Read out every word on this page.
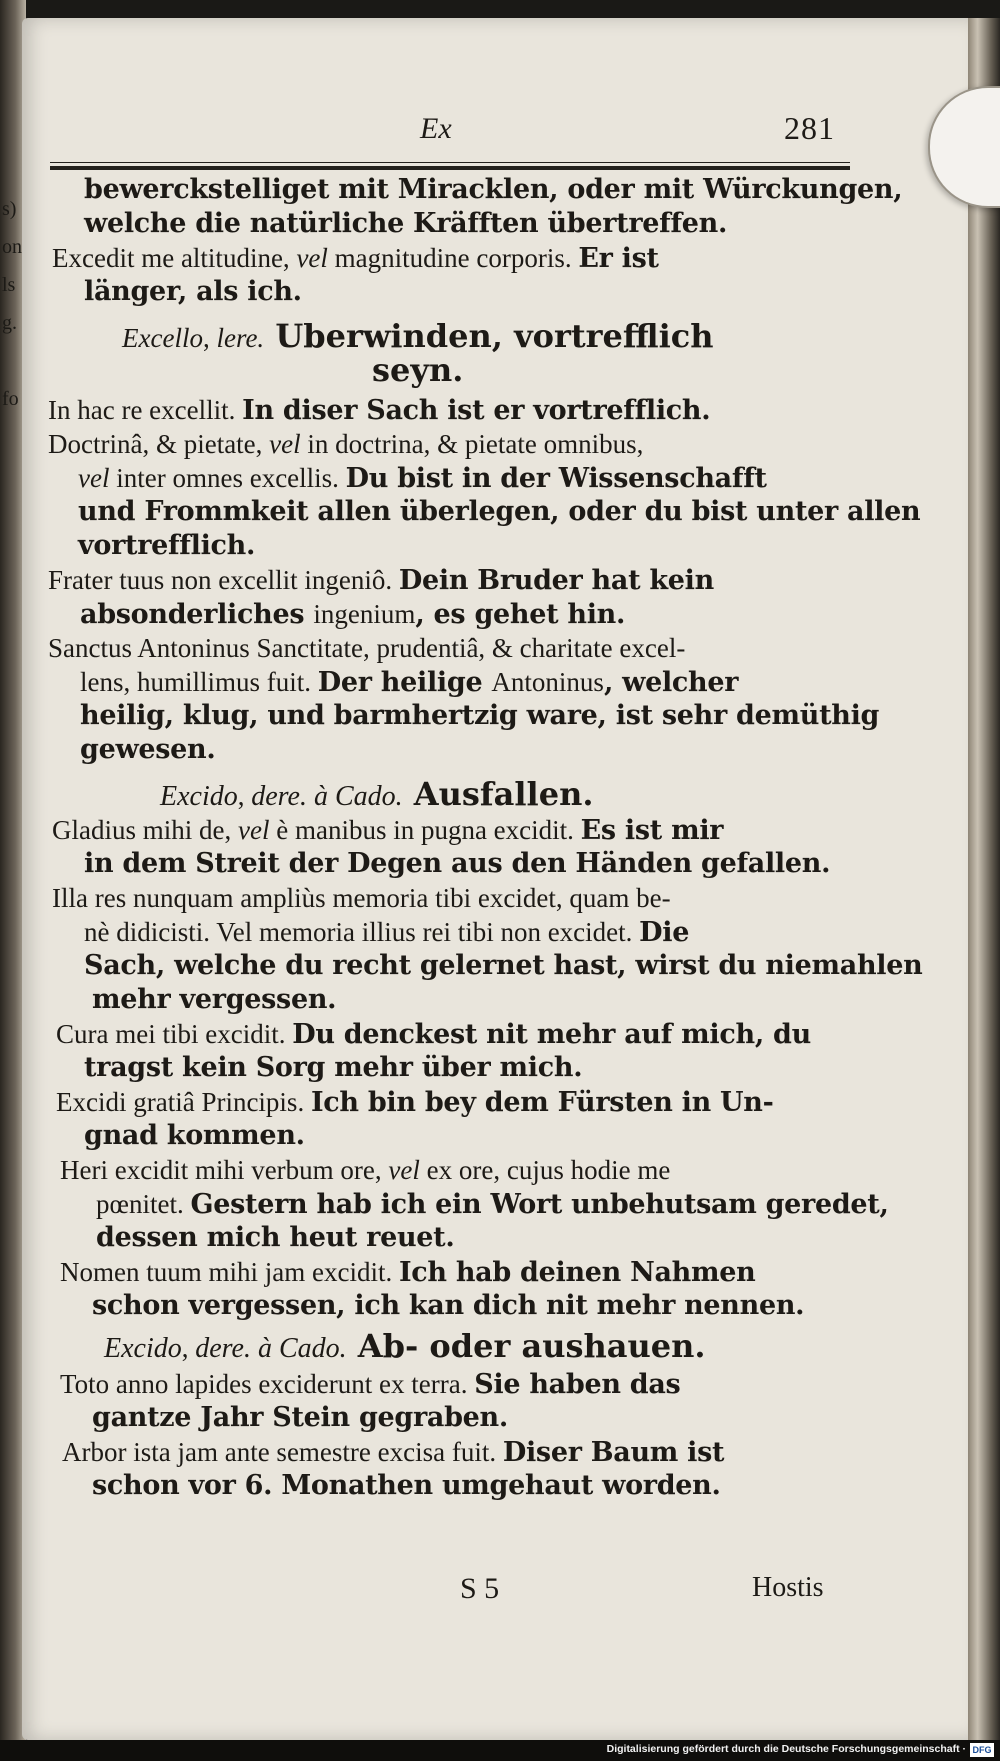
s)
on
ls
g.

fo
Ex	281
bewerckstelliget mit Miracklen, oder mit Würckungen,
welche die natürliche Kräfften übertreffen.
Excedit me altitudine, vel magnitudine corporis. Er ist
länger, als ich.
Excello, lere. Uberwinden, vortrefflich
seyn.
In hac re excellit. In diser Sach ist er vortrefflich.
Doctrinâ, & pietate, vel in doctrina, & pietate omnibus,
vel inter omnes excellis. Du bist in der Wissenschafft
und Frommkeit allen überlegen, oder du bist unter allen
vortrefflich.
Frater tuus non excellit ingeniô. Dein Bruder hat kein
absonderliches ingenium, es gehet hin.
Sanctus Antoninus Sanctitate, prudentiâ, & charitate excel-
lens, humillimus fuit. Der heilige Antoninus, welcher
heilig, klug, und barmhertzig ware, ist sehr demüthig
gewesen.
Excido, dere. à Cado. Ausfallen.
Gladius mihi de, vel è manibus in pugna excidit. Es ist mir
in dem Streit der Degen aus den Händen gefallen.
Illa res nunquam ampliùs memoria tibi excidet, quam be-
nè didicisti. Vel memoria illius rei tibi non excidet. Die
Sach, welche du recht gelernet hast, wirst du niemahlen
mehr vergessen.
Cura mei tibi excidit. Du denckest nit mehr auf mich, du
tragst kein Sorg mehr über mich.
Excidi gratiâ Principis. Ich bin bey dem Fürsten in Un-
gnad kommen.
Heri excidit mihi verbum ore, vel ex ore, cujus hodie me
pœnitet. Gestern hab ich ein Wort unbehutsam geredet,
dessen mich heut reuet.
Nomen tuum mihi jam excidit. Ich hab deinen Nahmen
schon vergessen, ich kan dich nit mehr nennen.
Excido, dere. à Cado. Ab- oder aushauen.
Toto anno lapides exciderunt ex terra. Sie haben das
gantze Jahr Stein gegraben.
Arbor ista jam ante semestre excisa fuit. Diser Baum ist
schon vor 6. Monathen umgehaut worden.
S 5	Hostis
Digitalisierung gefördert durch die Deutsche Forschungsgemeinschaft · DFG
